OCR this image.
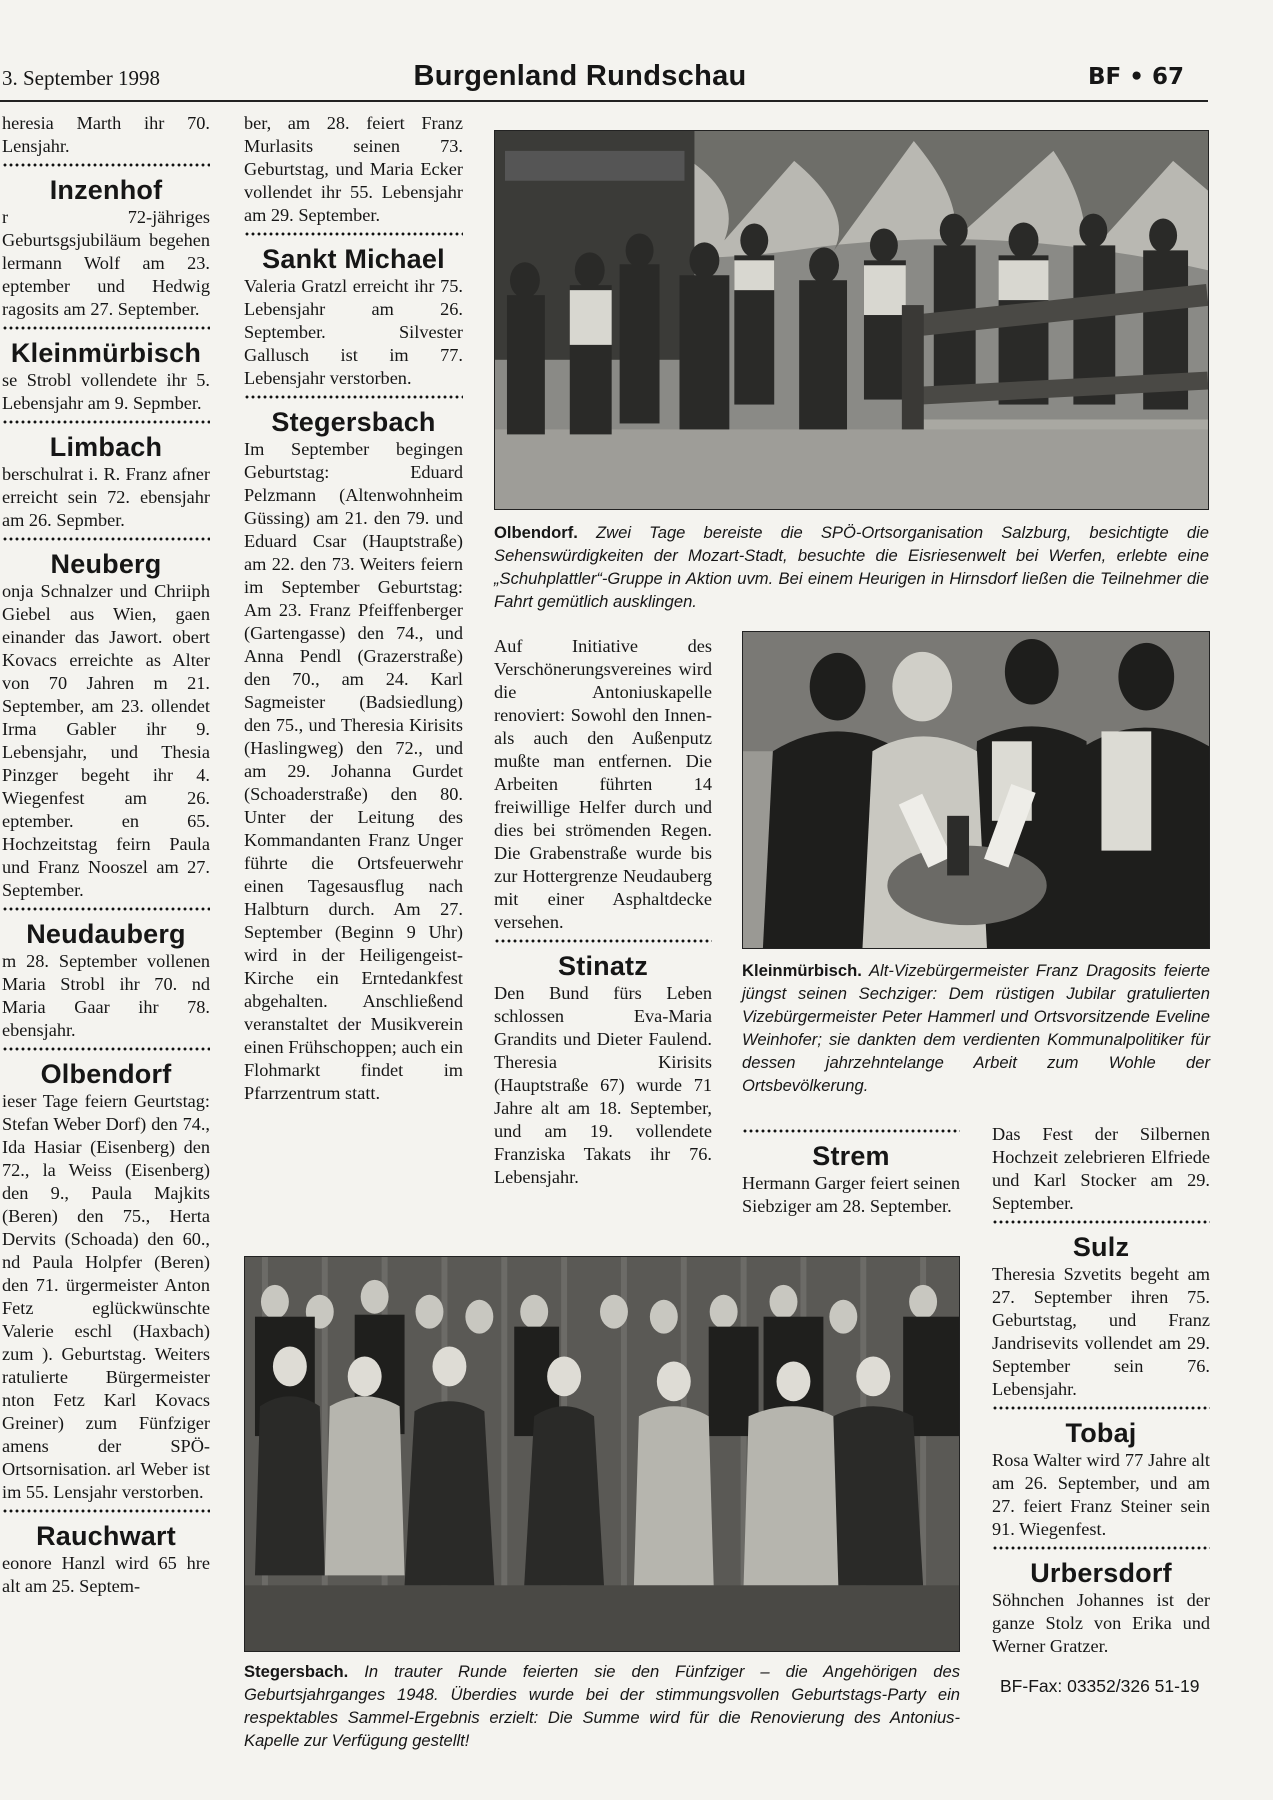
3. September 1998	Burgenland Rundschau	BF • 67

heresia Marth ihr 70. Lensjahr.

Inzenhof

r 72-jähriges Geburtsgsjubiläum begehen lermann Wolf am 23. eptember und Hedwig ragosits am 27. September.

Kleinmürbisch

se Strobl vollendete ihr 5. Lebensjahr am 9. Sepmber.

Limbach

berschulrat i. R. Franz afner erreicht sein 72. ebensjahr am 26. Sepmber.

Neuberg

onja Schnalzer und Chriiph Giebel aus Wien, gaen einander das Jawort. obert Kovacs erreichte as Alter von 70 Jahren m 21. September, am 23. ollendet Irma Gabler ihr 9. Lebensjahr, und Thesia Pinzger begeht ihr 4. Wiegenfest am 26. eptember. en 65. Hochzeitstag feirn Paula und Franz Nooszel am 27. September.

Neudauberg

m 28. September vollenen Maria Strobl ihr 70. nd Maria Gaar ihr 78. ebensjahr.

Olbendorf

ieser Tage feiern Geurtstag: Stefan Weber Dorf) den 74., Ida Hasiar (Eisenberg) den 72., la Weiss (Eisenberg) den 9., Paula Majkits (Beren) den 75., Herta Dervits (Schoada) den 60., nd Paula Holpfer (Beren) den 71. ürgermeister Anton Fetz eglückwünschte Valerie eschl (Haxbach) zum ). Geburtstag. Weiters ratulierte Bürgermeister nton Fetz Karl Kovacs Greiner) zum Fünfziger amens der SPÖ-Ortsornisation. arl Weber ist im 55. Lensjahr verstorben.

Rauchwart

eonore Hanzl wird 65 hre alt am 25. Septem-

ber, am 28. feiert Franz Murlasits seinen 73. Geburtstag, und Maria Ecker vollendet ihr 55. Lebensjahr am 29. September.

Sankt Michael

Valeria Gratzl erreicht ihr 75. Lebensjahr am 26. September. Silvester Gallusch ist im 77. Lebensjahr verstorben.

Stegersbach

Im September begingen Geburtstag: Eduard Pelzmann (Altenwohnheim Güssing) am 21. den 79. und Eduard Csar (Hauptstraße) am 22. den 73. Weiters feiern im September Geburtstag: Am 23. Franz Pfeiffenberger (Gartengasse) den 74., und Anna Pendl (Grazerstraße) den 70., am 24. Karl Sagmeister (Badsiedlung) den 75., und Theresia Kirisits (Haslingweg) den 72., und am 29. Johanna Gurdet (Schoaderstraße) den 80. Unter der Leitung des Kommandanten Franz Unger führte die Ortsfeuerwehr einen Tagesausflug nach Halbturn durch. Am 27. September (Beginn 9 Uhr) wird in der Heiligengeist-Kirche ein Erntedankfest abgehalten. Anschließend veranstaltet der Musikverein einen Frühschoppen; auch ein Flohmarkt findet im Pfarrzentrum statt.

Auf Initiative des Verschönerungsvereines wird die Antoniuskapelle renoviert: Sowohl den Innen- als auch den Außenputz mußte man entfernen. Die Arbeiten führten 14 freiwillige Helfer durch und dies bei strömenden Regen. Die Grabenstraße wurde bis zur Hottergrenze Neudauberg mit einer Asphaltdecke versehen.

Stinatz

Den Bund fürs Leben schlossen Eva-Maria Grandits und Dieter Faulend. Theresia Kirisits (Hauptstraße 67) wurde 71 Jahre alt am 18. September, und am 19. vollendete Franziska Takats ihr 76. Lebensjahr.

Strem

Hermann Garger feiert seinen Siebziger am 28. September.

Das Fest der Silbernen Hochzeit zelebrieren Elfriede und Karl Stocker am 29. September.

Sulz

Theresia Szvetits begeht am 27. September ihren 75. Geburtstag, und Franz Jandrisevits vollendet am 29. September sein 76. Lebensjahr.

Tobaj

Rosa Walter wird 77 Jahre alt am 26. September, und am 27. feiert Franz Steiner sein 91. Wiegenfest.

Urbersdorf

Söhnchen Johannes ist der ganze Stolz von Erika und Werner Gratzer.

Olbendorf. Zwei Tage bereiste die SPÖ-Ortsorganisation Salzburg, besichtigte die Sehenswürdigkeiten der Mozart-Stadt, besuchte die Eisriesenwelt bei Werfen, erlebte eine „Schuhplattler“-Gruppe in Aktion uvm. Bei einem Heurigen in Hirnsdorf ließen die Teilnehmer die Fahrt gemütlich ausklingen.
Kleinmürbisch. Alt-Vizebürgermeister Franz Dragosits feierte jüngst seinen Sechziger: Dem rüstigen Jubilar gratulierten Vizebürgermeister Peter Hammerl und Ortsvorsitzende Eveline Weinhofer; sie dankten dem verdienten Kommunalpolitiker für dessen jahrzehntelange Arbeit zum Wohle der Ortsbevölkerung.
Stegersbach. In trauter Runde feierten sie den Fünfziger – die Angehörigen des Geburtsjahrganges 1948. Überdies wurde bei der stimmungsvollen Geburtstags-Party ein respektables Sammel-Ergebnis erzielt: Die Summe wird für die Renovierung des Antonius-Kapelle zur Verfügung gestellt!
BF-Fax: 03352/326 51-19
